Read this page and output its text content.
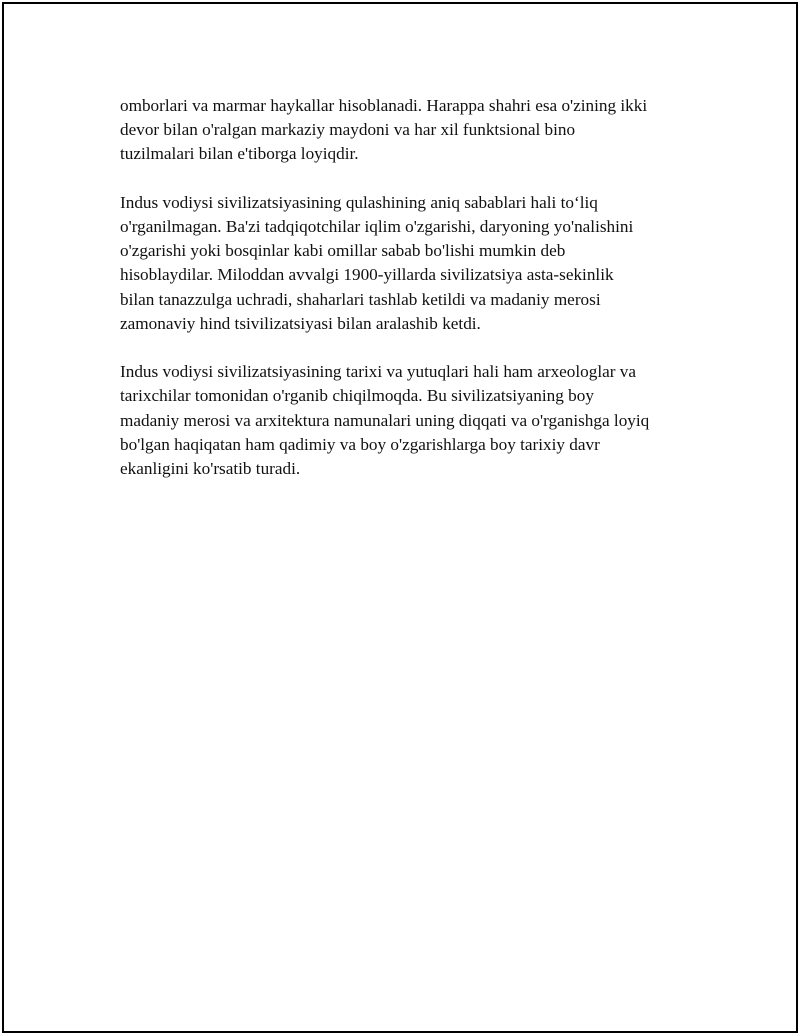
omborlari va marmar haykallar hisoblanadi. Harappa shahri esa o'zining ikki
devor bilan o'ralgan markaziy maydoni va har xil funktsional bino
tuzilmalari bilan e'tiborga loyiqdir.

Indus vodiysi sivilizatsiyasining qulashining aniq sabablari hali to‘liq
o'rganilmagan. Ba'zi tadqiqotchilar iqlim o'zgarishi, daryoning yo'nalishini
o'zgarishi yoki bosqinlar kabi omillar sabab bo'lishi mumkin deb
hisoblaydilar. Miloddan avvalgi 1900-yillarda sivilizatsiya asta-sekinlik
bilan tanazzulga uchradi, shaharlari tashlab ketildi va madaniy merosi
zamonaviy hind tsivilizatsiyasi bilan aralashib ketdi.

Indus vodiysi sivilizatsiyasining tarixi va yutuqlari hali ham arxeologlar va
tarixchilar tomonidan o'rganib chiqilmoqda. Bu sivilizatsiyaning boy
madaniy merosi va arxitektura namunalari uning diqqati va o'rganishga loyiq
bo'lgan haqiqatan ham qadimiy va boy o'zgarishlarga boy tarixiy davr
ekanligini ko'rsatib turadi.
